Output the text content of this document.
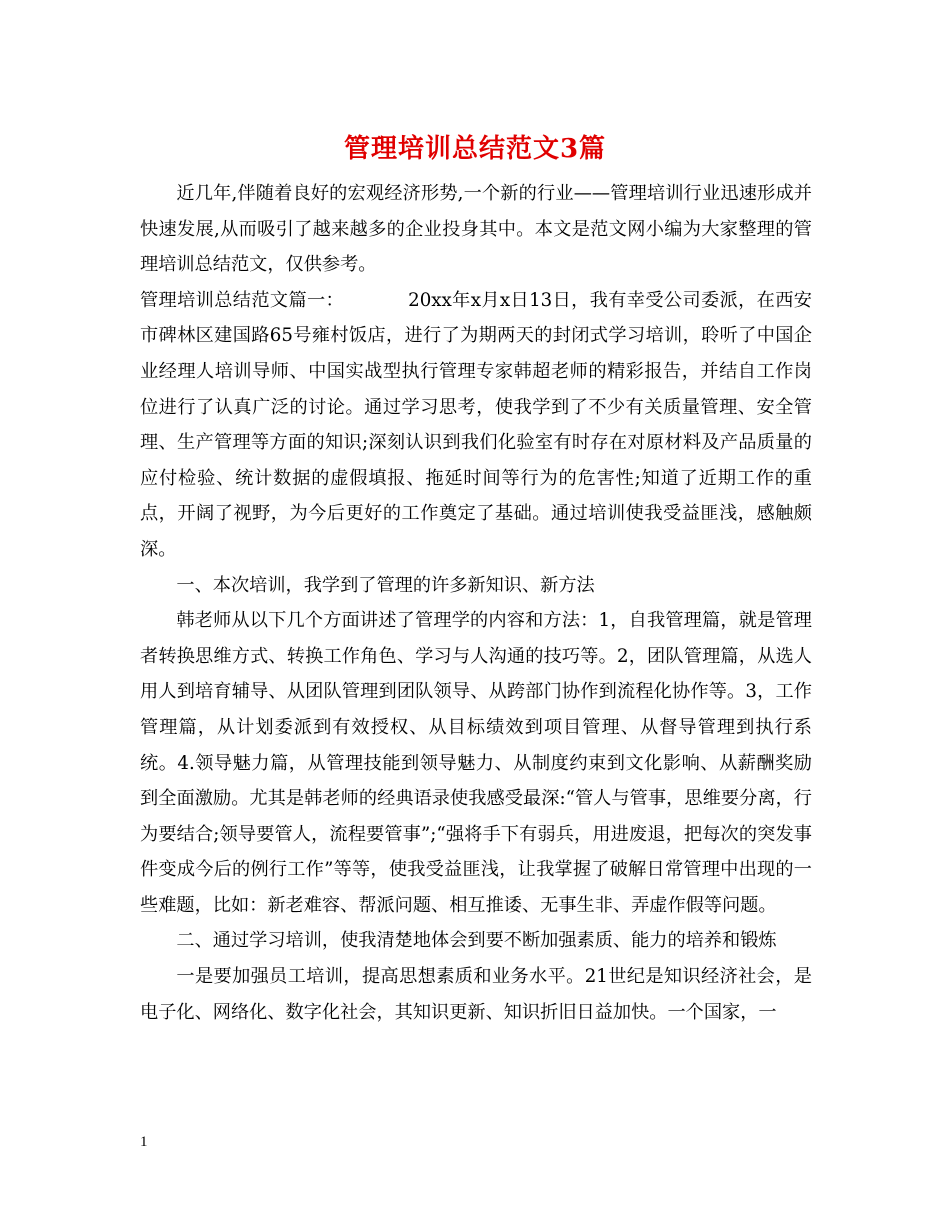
管理培训总结范文3篇

近几年,伴随着良好的宏观经济形势,一个新的行业——管理培训行业迅速形成并快速发展,从而吸引了越来越多的企业投身其中。本文是范文网小编为大家整理的管理培训总结范文，仅供参考。

管理培训总结范文篇一：	20xx年x月x日13日，我有幸受公司委派，在西安市碑林区建国路65号雍村饭店，进行了为期两天的封闭式学习培训，聆听了中国企业经理人培训导师、中国实战型执行管理专家韩超老师的精彩报告，并结自工作岗位进行了认真广泛的讨论。通过学习思考，使我学到了不少有关质量管理、安全管理、生产管理等方面的知识;深刻认识到我们化验室有时存在对原材料及产品质量的应付检验、统计数据的虚假填报、拖延时间等行为的危害性;知道了近期工作的重点，开阔了视野，为今后更好的工作奠定了基础。通过培训使我受益匪浅，感触颇深。

一、本次培训，我学到了管理的许多新知识、新方法

韩老师从以下几个方面讲述了管理学的内容和方法：1，自我管理篇，就是管理者转换思维方式、转换工作角色、学习与人沟通的技巧等。2，团队管理篇，从选人用人到培育辅导、从团队管理到团队领导、从跨部门协作到流程化协作等。3，工作管理篇，从计划委派到有效授权、从目标绩效到项目管理、从督导管理到执行系统。4.领导魅力篇，从管理技能到领导魅力、从制度约束到文化影响、从薪酬奖励到全面激励。尤其是韩老师的经典语录使我感受最深:“管人与管事，思维要分离，行为要结合;领导要管人，流程要管事”;“强将手下有弱兵，用进废退，把每次的突发事件变成今后的例行工作”等等，使我受益匪浅，让我掌握了破解日常管理中出现的一些难题，比如：新老难容、帮派问题、相互推诿、无事生非、弄虚作假等问题。

二、通过学习培训，使我清楚地体会到要不断加强素质、能力的培养和锻炼

一是要加强员工培训，提高思想素质和业务水平。21世纪是知识经济社会，是电子化、网络化、数字化社会，其知识更新、知识折旧日益加快。一个国家，一

1
